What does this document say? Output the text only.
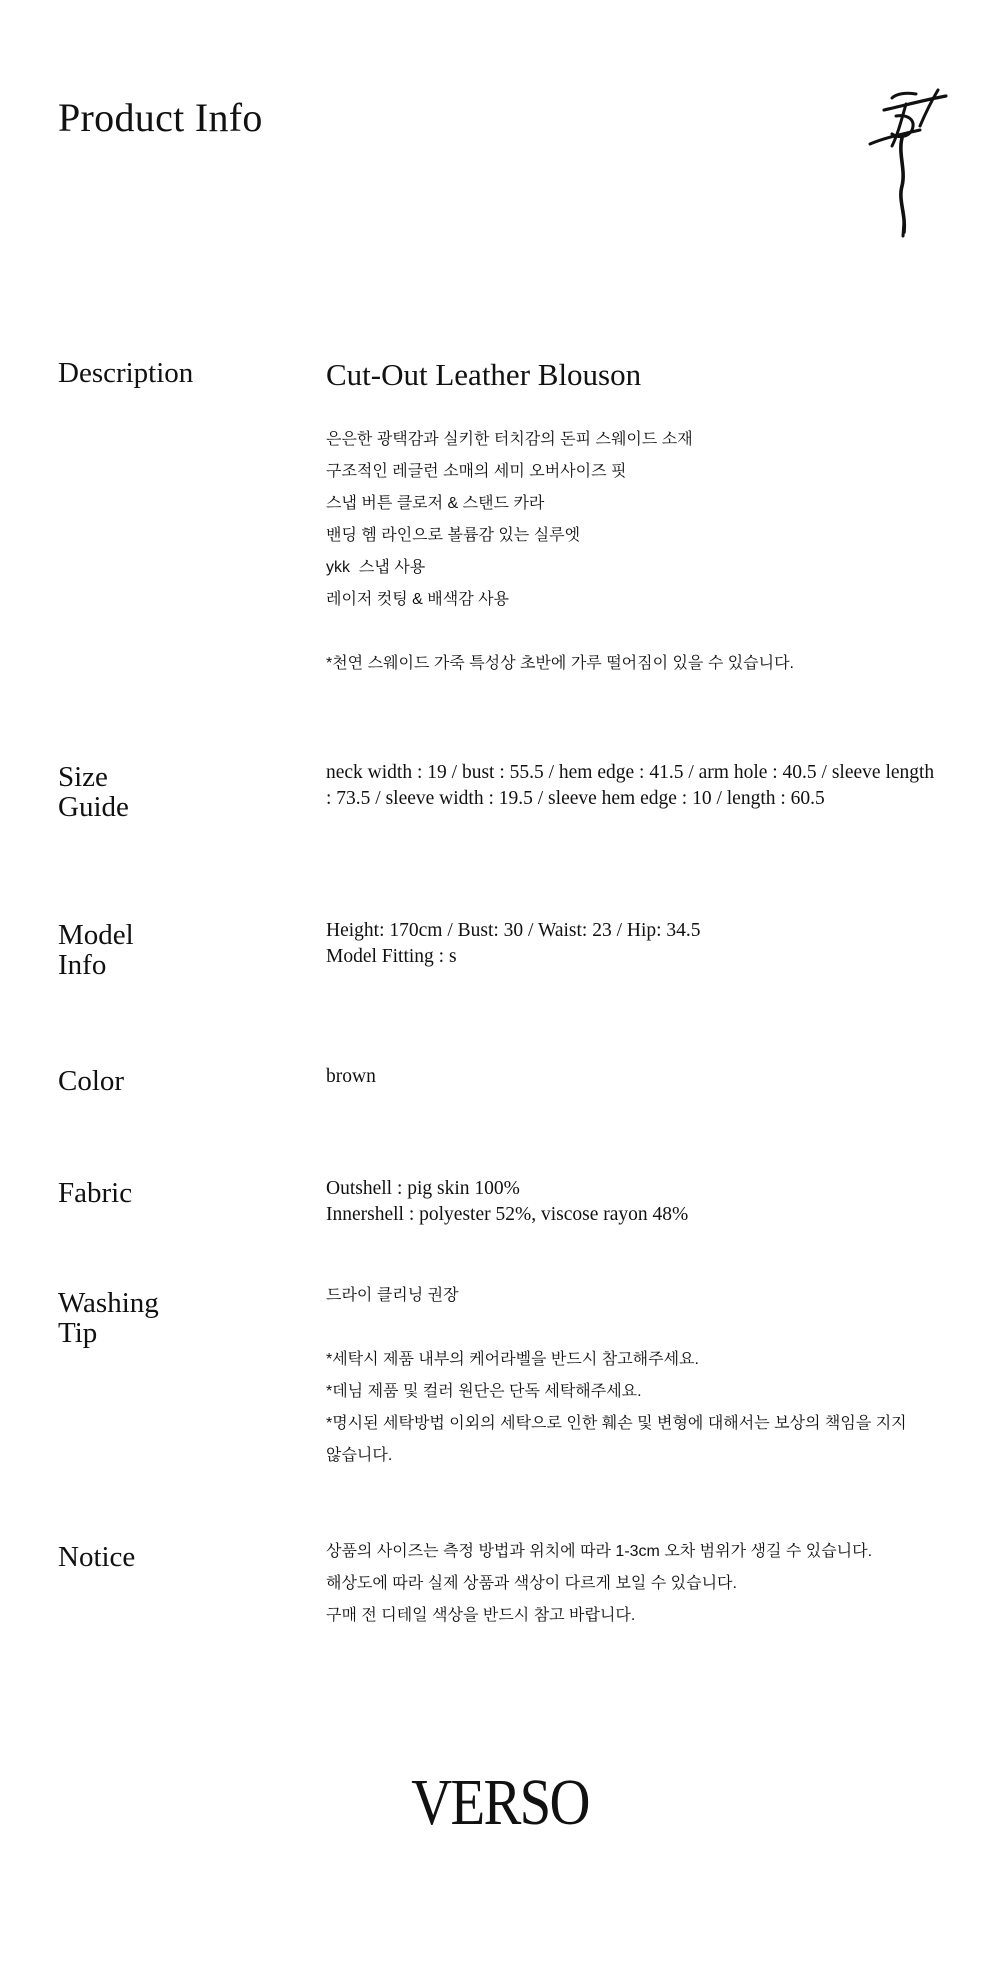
Product Info
Description	Cut-Out Leather Blouson

은은한 광택감과 실키한 터치감의 돈피 스웨이드 소재

구조적인 레글런 소매의 세미 오버사이즈 핏

스냅 버튼 클로저 & 스탠드 카라

밴딩 헴 라인으로 볼륨감 있는 실루엣

ykk  스냅 사용

레이저 컷팅 & 배색감 사용

*천연 스웨이드 가죽 특성상 초반에 가루 떨어짐이 있을 수 있습니다.

Size
Guide

neck width : 19 / bust : 55.5 / hem edge : 41.5 / arm hole : 40.5 / sleeve length : 73.5 / sleeve width : 19.5 / sleeve hem edge : 10 / length : 60.5

Model
Info

Height: 170cm / Bust: 30 / Waist: 23 / Hip: 34.5

Model Fitting : s

Color	brown

Fabric	Outshell : pig skin 100%

Innershell : polyester 52%, viscose rayon 48%

Washing
Tip

드라이 클리닝 권장

*세탁시 제품 내부의 케어라벨을 반드시 참고해주세요.

*데님 제품 및 컬러 원단은 단독 세탁해주세요.

*명시된 세탁방법 이외의 세탁으로 인한 훼손 및 변형에 대해서는 보상의 책임을 지지 않습니다.

Notice	상품의 사이즈는 측정 방법과 위치에 따라 1-3cm 오차 범위가 생길 수 있습니다.

해상도에 따라 실제 상품과 색상이 다르게 보일 수 있습니다.

구매 전 디테일 색상을 반드시 참고 바랍니다.

VERSO
